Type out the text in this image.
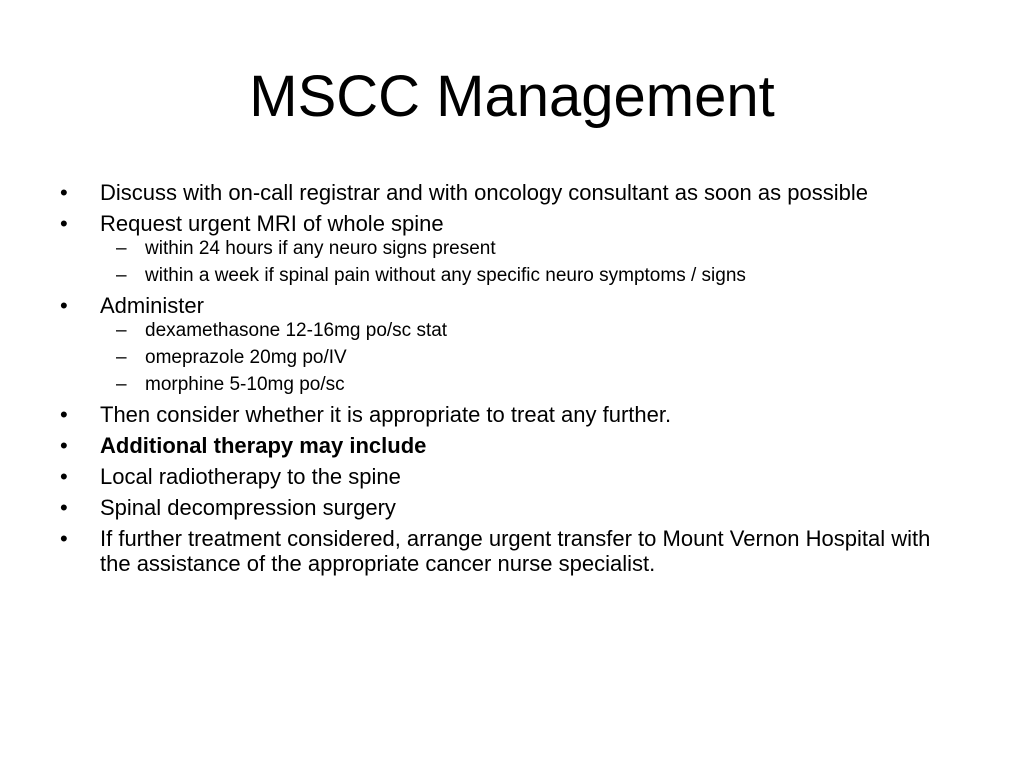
MSCC Management
•	Discuss with on-call registrar and with oncology consultant as soon as possible
•	Request urgent MRI of whole spine
– within 24 hours if any neuro signs present
– within a week if spinal pain without any specific neuro symptoms / signs
•	Administer
– dexamethasone 12-16mg po/sc stat
– omeprazole 20mg po/IV
– morphine 5-10mg po/sc
•	Then consider whether it is appropriate to treat any further.
•	Additional therapy may include
•	Local radiotherapy to the spine
•	Spinal decompression surgery
•	If further treatment considered, arrange urgent transfer to Mount Vernon Hospital with the assistance of the appropriate cancer nurse specialist.
